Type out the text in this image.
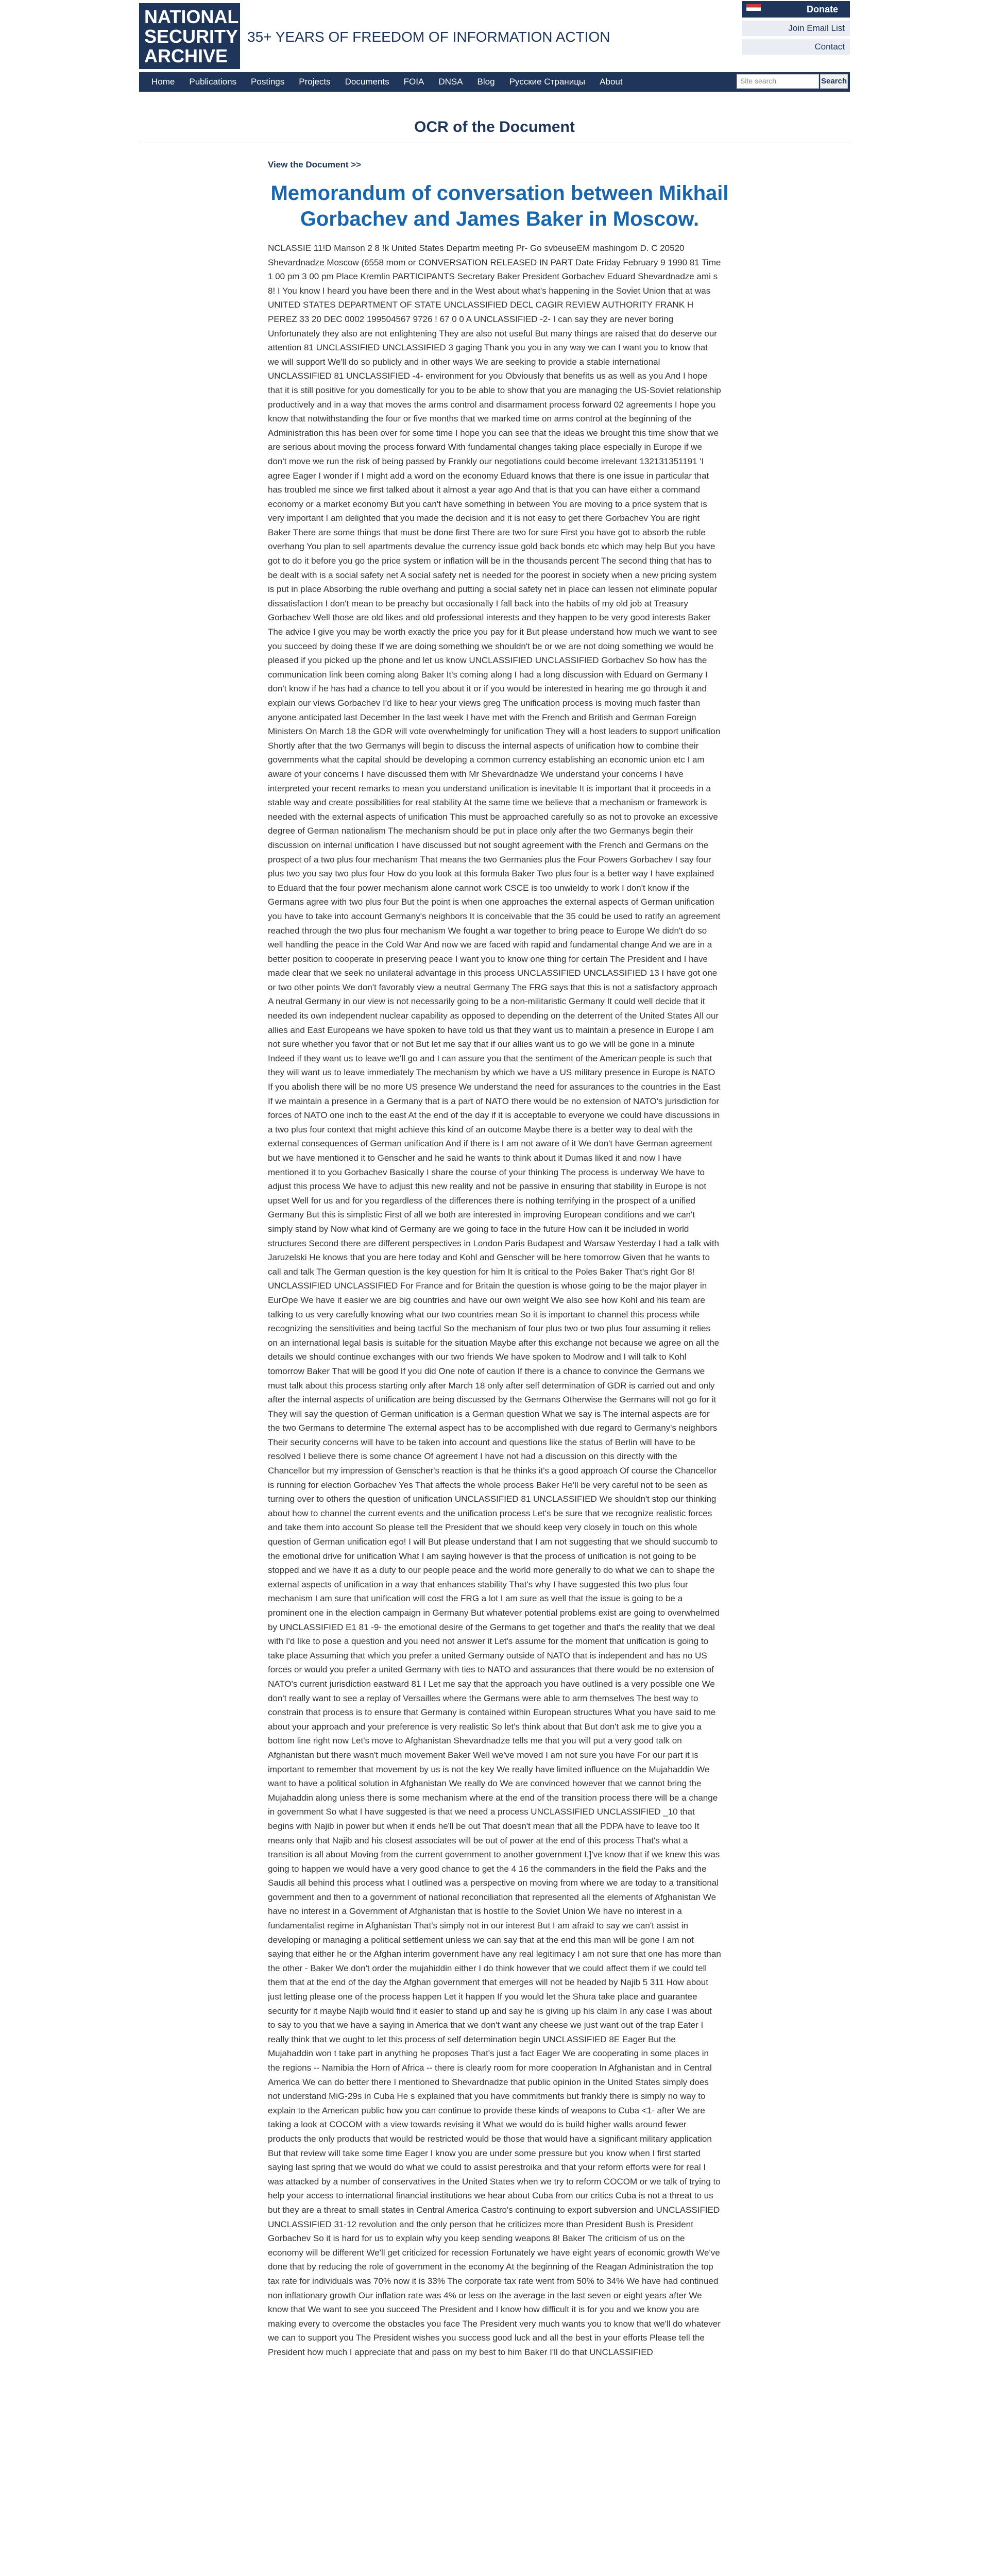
NATIONAL
SECURITY
ARCHIVE
35+ YEARS OF FREEDOM OF INFORMATION ACTION
Donate
Join Email List
Contact
Home	Publications	Postings	Projects	Documents	FOIA	DNSA	Blog	Русские Страницы	About	Site search	Search
OCR of the Document
View the Document >>
Memorandum of conversation between Mikhail Gorbachev and James Baker in Moscow.
NCLASSIE 11!D Manson 2 8 !k United States Departm meeting Pr- Go svbeuseEM mashingom D. C 20520 Shevardnadze Moscow (6558 mom or CONVERSATION RELEASED IN PART Date Friday February 9 1990 81 Time 1 00 pm 3 00 pm Place Kremlin PARTICIPANTS Secretary Baker President Gorbachev Eduard Shevardnadze ami s 8! I You know I heard you have been there and in the West about what's happening in the Soviet Union that at was UNITED STATES DEPARTMENT OF STATE UNCLASSIFIED DECL CAGIR REVIEW AUTHORITY FRANK H PEREZ 33 20 DEC 0002 199504567 9726 ! 67 0 0 A UNCLASSIFIED -2- I can say they are never boring Unfortunately they also are not enlightening They are also not useful But many things are raised that do deserve our attention 81 UNCLASSIFIED UNCLASSIFIED 3 gaging Thank you you in any way we can I want you to know that we will support We'll do so publicly and in other ways We are seeking to provide a stable international UNCLASSIFIED 81 UNCLASSIFIED -4- environment for you Obviously that benefits us as well as you And I hope that it is still positive for you domestically for you to be able to show that you are managing the US-Soviet relationship productively and in a way that moves the arms control and disarmament process forward 02 agreements I hope you know that notwithstanding the four or five months that we marked time on arms control at the beginning of the Administration this has been over for some time I hope you can see that the ideas we brought this time show that we are serious about moving the process forward With fundamental changes taking place especially in Europe if we don't move we run the risk of being passed by Frankly our negotiations could become irrelevant 132131351191 'I agree Eager I wonder if I might add a word on the economy Eduard knows that there is one issue in particular that has troubled me since we first talked about it almost a year ago And that is that you can have either a command economy or a market economy But you can't have something in between You are moving to a price system that is very important I am delighted that you made the decision and it is not easy to get there Gorbachev You are right Baker There are some things that must be done first There are two for sure First you have got to absorb the ruble overhang You plan to sell apartments devalue the currency issue gold back bonds etc which may help But you have got to do it before you go the price system or inflation will be in the thousands percent The second thing that has to be dealt with is a social safety net A social safety net is needed for the poorest in society when a new pricing system is put in place Absorbing the ruble overhang and putting a social safety net in place can lessen not eliminate popular dissatisfaction I don't mean to be preachy but occasionally I fall back into the habits of my old job at Treasury Gorbachev Well those are old likes and old professional interests and they happen to be very good interests Baker The advice I give you may be worth exactly the price you pay for it But please understand how much we want to see you succeed by doing these If we are doing something we shouldn't be or we are not doing something we would be pleased if you picked up the phone and let us know UNCLASSIFIED UNCLASSIFIED Gorbachev So how has the communication link been coming along Baker It's coming along I had a long discussion with Eduard on Germany I don't know if he has had a chance to tell you about it or if you would be interested in hearing me go through it and explain our views Gorbachev I'd like to hear your views greg The unification process is moving much faster than anyone anticipated last December In the last week I have met with the French and British and German Foreign Ministers On March 18 the GDR will vote overwhelmingly for unification They will a host leaders to support unification Shortly after that the two Germanys will begin to discuss the internal aspects of unification how to combine their governments what the capital should be developing a common currency establishing an economic union etc I am aware of your concerns I have discussed them with Mr Shevardnadze We understand your concerns I have interpreted your recent remarks to mean you understand unification is inevitable It is important that it proceeds in a stable way and create possibilities for real stability At the same time we believe that a mechanism or framework is needed with the external aspects of unification This must be approached carefully so as not to provoke an excessive degree of German nationalism The mechanism should be put in place only after the two Germanys begin their discussion on internal unification I have discussed but not sought agreement with the French and Germans on the prospect of a two plus four mechanism That means the two Germanies plus the Four Powers Gorbachev I say four plus two you say two plus four How do you look at this formula Baker Two plus four is a better way I have explained to Eduard that the four power mechanism alone cannot work CSCE is too unwieldy to work I don't know if the Germans agree with two plus four But the point is when one approaches the external aspects of German unification you have to take into account Germany's neighbors It is conceivable that the 35 could be used to ratify an agreement reached through the two plus four mechanism We fought a war together to bring peace to Europe We didn't do so well handling the peace in the Cold War And now we are faced with rapid and fundamental change And we are in a better position to cooperate in preserving peace I want you to know one thing for certain The President and I have made clear that we seek no unilateral advantage in this process UNCLASSIFIED UNCLASSIFIED 13 I have got one or two other points We don't favorably view a neutral Germany The FRG says that this is not a satisfactory approach A neutral Germany in our view is not necessarily going to be a non-militaristic Germany It could well decide that it needed its own independent nuclear capability as opposed to depending on the deterrent of the United States All our allies and East Europeans we have spoken to have told us that they want us to maintain a presence in Europe I am not sure whether you favor that or not But let me say that if our allies want us to go we will be gone in a minute Indeed if they want us to leave we'll go and I can assure you that the sentiment of the American people is such that they will want us to leave immediately The mechanism by which we have a US military presence in Europe is NATO If you abolish there will be no more US presence We understand the need for assurances to the countries in the East If we maintain a presence in a Germany that is a part of NATO there would be no extension of NATO's jurisdiction for forces of NATO one inch to the east At the end of the day if it is acceptable to everyone we could have discussions in a two plus four context that might achieve this kind of an outcome Maybe there is a better way to deal with the external consequences of German unification And if there is I am not aware of it We don't have German agreement but we have mentioned it to Genscher and he said he wants to think about it Dumas liked it and now I have mentioned it to you Gorbachev Basically I share the course of your thinking The process is underway We have to adjust this process We have to adjust this new reality and not be passive in ensuring that stability in Europe is not upset Well for us and for you regardless of the differences there is nothing terrifying in the prospect of a unified Germany But this is simplistic First of all we both are interested in improving European conditions and we can't simply stand by Now what kind of Germany are we going to face in the future How can it be included in world structures Second there are different perspectives in London Paris Budapest and Warsaw Yesterday I had a talk with Jaruzelski He knows that you are here today and Kohl and Genscher will be here tomorrow Given that he wants to call and talk The German question is the key question for him It is critical to the Poles Baker That's right Gor 8! UNCLASSIFIED UNCLASSIFIED For France and for Britain the question is whose going to be the major player in EurOpe We have it easier we are big countries and have our own weight We also see how Kohl and his team are talking to us very carefully knowing what our two countries mean So it is important to channel this process while recognizing the sensitivities and being tactful So the mechanism of four plus two or two plus four assuming it relies on an international legal basis is suitable for the situation Maybe after this exchange not because we agree on all the details we should continue exchanges with our two friends We have spoken to Modrow and I will talk to Kohl tomorrow Baker That will be good If you did One note of caution If there is a chance to convince the Germans we must talk about this process starting only after March 18 only after self determination of GDR is carried out and only after the internal aspects of unification are being discussed by the Germans Otherwise the Germans will not go for it They will say the question of German unification is a German question What we say is The internal aspects are for the two Germans to determine The external aspect has to be accomplished with due regard to Germany's neighbors Their security concerns will have to be taken into account and questions like the status of Berlin will have to be resolved I believe there is some chance Of agreement I have not had a discussion on this directly with the Chancellor but my impression of Genscher's reaction is that he thinks it's a good approach Of course the Chancellor is running for election Gorbachev Yes That affects the whole process Baker He'll be very careful not to be seen as turning over to others the question of unification UNCLASSIFIED 81 UNCLASSIFIED We shouldn't stop our thinking about how to channel the current events and the unification process Let's be sure that we recognize realistic forces and take them into account So please tell the President that we should keep very closely in touch on this whole question of German unification ego! I will But please understand that I am not suggesting that we should succumb to the emotional drive for unification What I am saying however is that the process of unification is not going to be stopped and we have it as a duty to our people peace and the world more generally to do what we can to shape the external aspects of unification in a way that enhances stability That's why I have suggested this two plus four mechanism I am sure that unification will cost the FRG a lot I am sure as well that the issue is going to be a prominent one in the election campaign in Germany But whatever potential problems exist are going to overwhelmed by UNCLASSIFIED E1 81 -9- the emotional desire of the Germans to get together and that's the reality that we deal with I'd like to pose a question and you need not answer it Let's assume for the moment that unification is going to take place Assuming that which you prefer a united Germany outside of NATO that is independent and has no US forces or would you prefer a united Germany with ties to NATO and assurances that there would be no extension of NATO's current jurisdiction eastward 81 I Let me say that the approach you have outlined is a very possible one We don't really want to see a replay of Versailles where the Germans were able to arm themselves The best way to constrain that process is to ensure that Germany is contained within European structures What you have said to me about your approach and your preference is very realistic So let's think about that But don't ask me to give you a bottom line right now Let's move to Afghanistan Shevardnadze tells me that you will put a very good talk on Afghanistan but there wasn't much movement Baker Well we've moved I am not sure you have For our part it is important to remember that movement by us is not the key We really have limited influence on the Mujahaddin We want to have a political solution in Afghanistan We really do We are convinced however that we cannot bring the Mujahaddin along unless there is some mechanism where at the end of the transition process there will be a change in government So what I have suggested is that we need a process UNCLASSIFIED UNCLASSIFIED _10 that begins with Najib in power but when it ends he'll be out That doesn't mean that all the PDPA have to leave too It means only that Najib and his closest associates will be out of power at the end of this process That's what a transition is all about Moving from the current government to another government I,]'ve know that if we knew this was going to happen we would have a very good chance to get the 4 16 the commanders in the field the Paks and the Saudis all behind this process what I outlined was a perspective on moving from where we are today to a transitional government and then to a government of national reconciliation that represented all the elements of Afghanistan We have no interest in a Government of Afghanistan that is hostile to the Soviet Union We have no interest in a fundamentalist regime in Afghanistan That's simply not in our interest But I am afraid to say we can't assist in developing or managing a political settlement unless we can say that at the end this man will be gone I am not saying that either he or the Afghan interim government have any real legitimacy I am not sure that one has more than the other - Baker We don't order the mujahiddin either I do think however that we could affect them if we could tell them that at the end of the day the Afghan government that emerges will not be headed by Najib 5 311 How about just letting please one of the process happen Let it happen If you would let the Shura take place and guarantee security for it maybe Najib would find it easier to stand up and say he is giving up his claim In any case I was about to say to you that we have a saying in America that we don't want any cheese we just want out of the trap Eater I really think that we ought to let this process of self determination begin UNCLASSIFIED 8E Eager But the Mujahaddin won t take part in anything he proposes That's just a fact Eager We are cooperating in some places in the regions -- Namibia the Horn of Africa -- there is clearly room for more cooperation In Afghanistan and in Central America We can do better there I mentioned to Shevardnadze that public opinion in the United States simply does not understand MiG-29s in Cuba He s explained that you have commitments but frankly there is simply no way to explain to the American public how you can continue to provide these kinds of weapons to Cuba <1- after We are taking a look at COCOM with a view towards revising it What we would do is build higher walls around fewer products the only products that would be restricted would be those that would have a significant military application But that review will take some time Eager I know you are under some pressure but you know when I first started saying last spring that we would do what we could to assist perestroika and that your reform efforts were for real I was attacked by a number of conservatives in the United States when we try to reform COCOM or we talk of trying to help your access to international financial institutions we hear about Cuba from our critics Cuba is not a threat to us but they are a threat to small states in Central America Castro's continuing to export subversion and UNCLASSIFIED UNCLASSIFIED 31-12 revolution and the only person that he criticizes more than President Bush is President Gorbachev So it is hard for us to explain why you keep sending weapons 8! Baker The criticism of us on the economy will be different We'll get criticized for recession Fortunately we have eight years of economic growth We've done that by reducing the role of government in the economy At the beginning of the Reagan Administration the top tax rate for individuals was 70% now it is 33% The corporate tax rate went from 50% to 34% We have had continued non inflationary growth Our inflation rate was 4% or less on the average in the last seven or eight years after We know that We want to see you succeed The President and I know how difficult it is for you and we know you are making every to overcome the obstacles you face The President very much wants you to know that we'll do whatever we can to support you The President wishes you success good luck and all the best in your efforts Please tell the President how much I appreciate that and pass on my best to him Baker I'll do that UNCLASSIFIED
